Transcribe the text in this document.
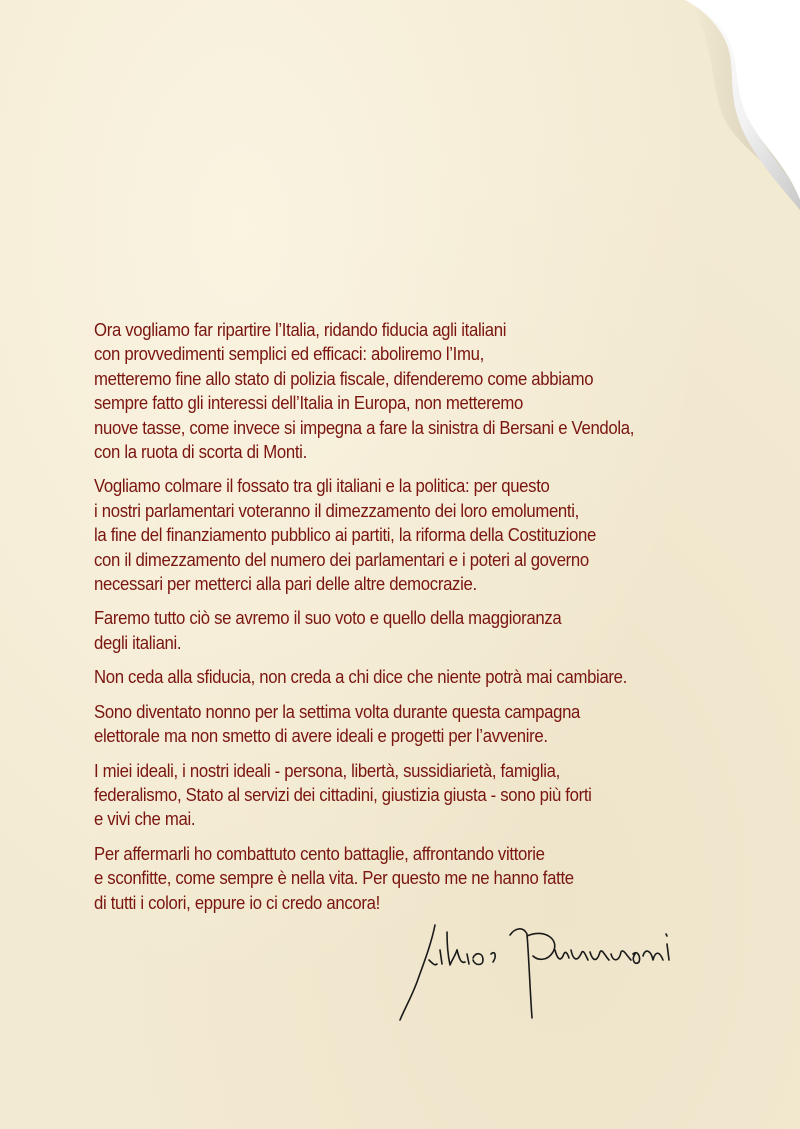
Ora vogliamo far ripartire l’Italia, ridando fiducia agli italiani
con provvedimenti semplici ed efficaci: aboliremo l’Imu,
metteremo fine allo stato di polizia fiscale, difenderemo come abbiamo
sempre fatto gli interessi dell’Italia in Europa, non metteremo
nuove tasse, come invece si impegna a fare la sinistra di Bersani e Vendola,
con la ruota di scorta di Monti.

Vogliamo colmare il fossato tra gli italiani e la politica: per questo
i nostri parlamentari voteranno il dimezzamento dei loro emolumenti,
la fine del finanziamento pubblico ai partiti, la riforma della Costituzione
con il dimezzamento del numero dei parlamentari e i poteri al governo
necessari per metterci alla pari delle altre democrazie.

Faremo tutto ciò se avremo il suo voto e quello della maggioranza
degli italiani.

Non ceda alla sfiducia, non creda a chi dice che niente potrà mai cambiare.

Sono diventato nonno per la settima volta durante questa campagna
elettorale ma non smetto di avere ideali e progetti per l’avvenire.

I miei ideali, i nostri ideali - persona, libertà, sussidiarietà, famiglia,
federalismo, Stato al servizi dei cittadini, giustizia giusta - sono più forti
e vivi che mai.

Per affermarli ho combattuto cento battaglie, affrontando vittorie
e sconfitte, come sempre è nella vita. Per questo me ne hanno fatte
di tutti i colori, eppure io ci credo ancora!
